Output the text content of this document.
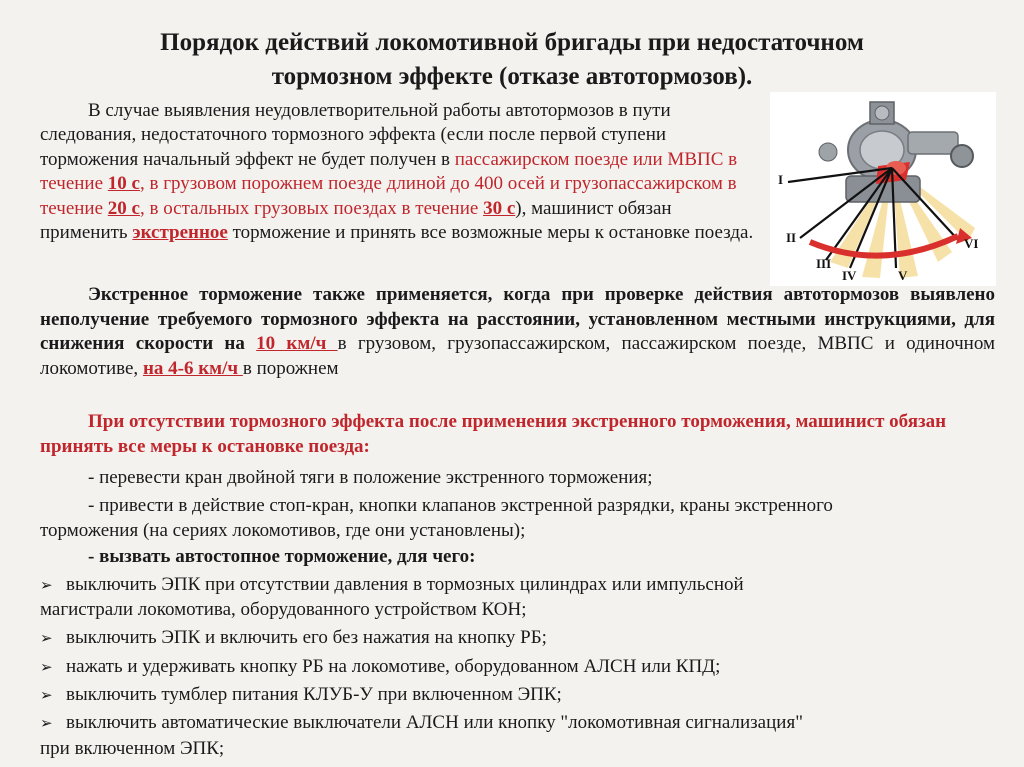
Порядок действий локомотивной бригады при недостаточном
тормозном эффекте (отказе автотормозов).
В случае выявления неудовлетворительной работы автотормозов в пути следования, недостаточного тормозного эффекта (если после первой ступени торможения начальный эффект не будет получен в пассажирском поезде или МВПС в течение 10 с, в грузовом порожнем поезде длиной до 400 осей и грузопассажирском в течение 20 с, в остальных грузовых поездах в течение 30 с), машинист обязан применить экстренное торможение и принять все возможные меры к остановке поезда.
I
II
III
IV	V
VI
Экстренное торможение также применяется, когда при проверке действия автотормозов выявлено неполучение требуемого тормозного эффекта на расстоянии, установленном местными инструкциями, для снижения скорости на 10 км/ч в грузовом, грузопассажирском, пассажирском поезде, МВПС и одиночном локомотиве, на 4-6 км/ч в порожнем
При отсутствии тормозного эффекта после применения экстренного торможения, машинист обязан принять все меры к остановке поезда:
- перевести кран двойной тяги в положение экстренного торможения;
- привести в действие стоп-кран, кнопки клапанов экстренной разрядки, краны экстренного
торможения (на сериях локомотивов, где они установлены);
- вызвать автостопное торможение, для чего:
➢ выключить ЭПК при отсутствии давления в тормозных цилиндрах или импульсной
магистрали локомотива, оборудованного устройством КОН;
➢ выключить ЭПК и включить его без нажатия на кнопку РБ;
➢ нажать и удерживать кнопку РБ на локомотиве, оборудованном АЛСН или КПД;
➢ выключить тумблер питания КЛУБ-У при включенном ЭПК;
➢ выключить автоматические выключатели АЛСН или кнопку "локомотивная сигнализация"
при включенном ЭПК;
